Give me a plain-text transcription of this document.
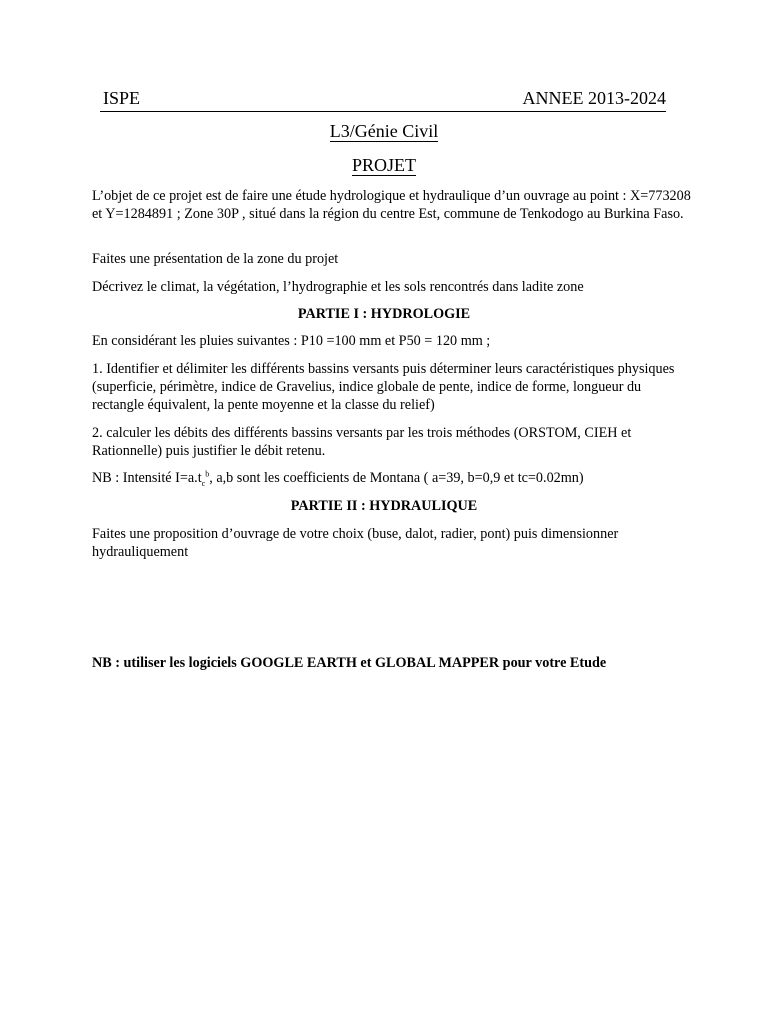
ISPE	ANNEE 2013-2024
L3/Génie Civil
PROJET
L’objet de ce projet est de faire une étude hydrologique et hydraulique d’un ouvrage au point : X=773208 et Y=1284891 ; Zone 30P , situé dans la région du centre Est, commune de Tenkodogo au Burkina Faso.
Faites une présentation de la zone du projet
Décrivez le climat, la végétation, l’hydrographie et les sols rencontrés dans ladite zone
PARTIE I : HYDROLOGIE
En considérant les pluies suivantes : P10 =100 mm et P50 = 120 mm ;
1. Identifier et délimiter les différents bassins versants puis déterminer leurs caractéristiques physiques (superficie, périmètre, indice de Gravelius, indice globale de pente, indice de forme, longueur du rectangle équivalent, la pente moyenne et la classe du relief)
2. calculer les débits des différents bassins versants par les trois méthodes (ORSTOM, CIEH et Rationnelle) puis justifier le débit retenu.
NB : Intensité $I=a.t_c^b$, a,b sont les coefficients de Montana ( a=39, b=0,9 et tc=0.02mn)
PARTIE II : HYDRAULIQUE
Faites une proposition d’ouvrage de votre choix (buse, dalot, radier, pont) puis dimensionner hydrauliquement
NB : utiliser les logiciels GOOGLE EARTH et GLOBAL MAPPER pour votre Etude
